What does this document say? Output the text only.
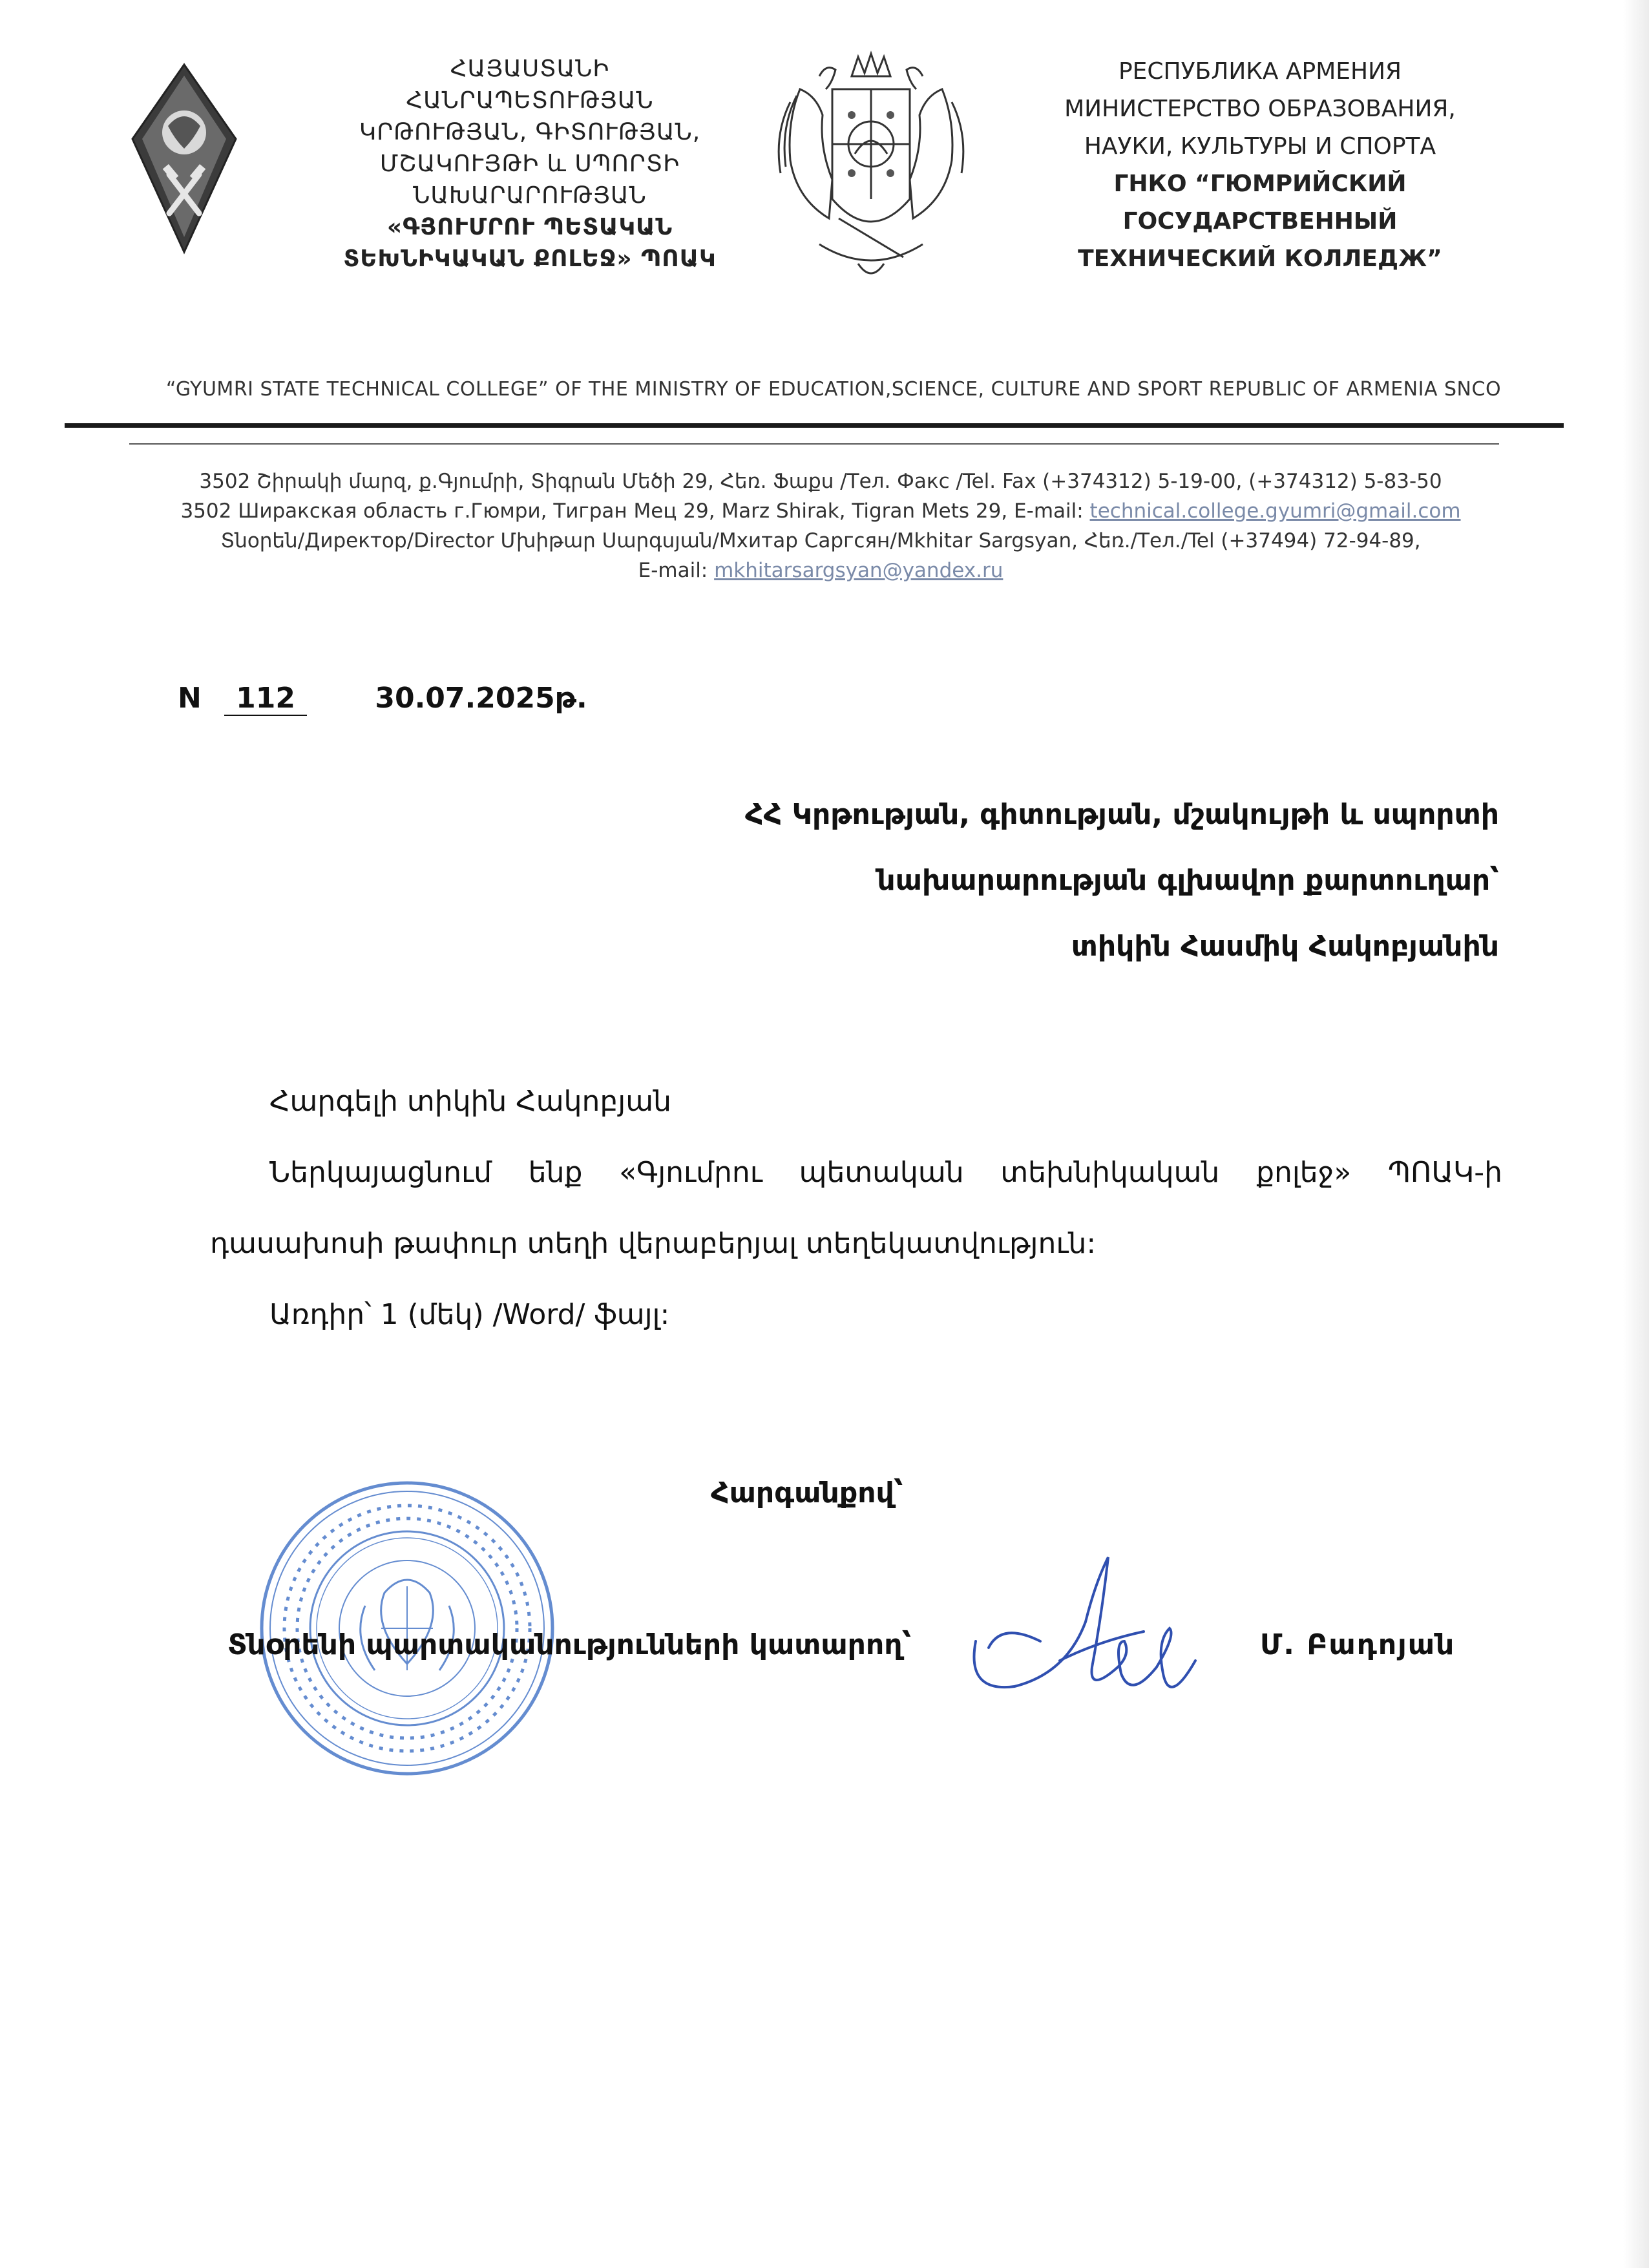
ՀԱՅԱՍՏԱՆԻ
ՀԱՆՐԱՊԵՏՈՒԹՅԱՆ
ԿՐԹՈՒԹՅԱՆ, ԳԻՏՈՒԹՅԱՆ,
ՄՇԱԿՈՒՅԹԻ և ՍՊՈՐՏԻ
ՆԱԽԱՐԱՐՈՒԹՅԱՆ
«ԳՅՈՒՄՐՈՒ ՊԵՏԱԿԱՆ
ՏԵԽՆԻԿԱԿԱՆ ՔՈԼԵՋ» ՊՈԱԿ
РЕСПУБЛИКА АРМЕНИЯ
МИНИСТЕРСТВО ОБРАЗОВАНИЯ,
НАУКИ, КУЛЬТУРЫ И СПОРТА
ГНКО “ГЮМРИЙСКИЙ
ГОСУДАРСТВЕННЫЙ
ТЕХНИЧЕСКИЙ КОЛЛЕДЖ”
“GYUMRI STATE TECHNICAL COLLEGE” OF THE MINISTRY OF EDUCATION,SCIENCE, CULTURE AND SPORT REPUBLIC OF ARMENIA SNCO
3502 Շիրակի մարզ, ք.Գյումրի, Տիգրան Մեծի 29, Հեռ. Ֆաքս /Тел. Факс /Tel. Fax (+374312) 5-19-00, (+374312) 5-83-50
3502 Ширакская область г.Гюмри, Тигран Мец 29, Marz Shirak, Tigran Mets 29, E-mail: technical.college.gyumri@gmail.com
Տնօրեն/Директор/Director Մխիթար Սարգսյան/Мхитар Саргсян/Mkhitar Sargsyan, Հեռ./Тел./Tel (+37494) 72-94-89,
E-mail: mkhitarsargsyan@yandex.ru
N 112	30.07.2025թ.
ՀՀ Կրթության, գիտության, մշակույթի և սպորտի
նախարարության գլխավոր քարտուղար՝
տիկին Հասմիկ Հակոբյանին

Հարգելի տիկին Հակոբյան

Ներկայացնում ենք «Գյումրու պետական տեխնիկական քոլեջ» ՊՈԱԿ-ի

դասախոսի թափուր տեղի վերաբերյալ տեղեկատվություն:

Առդիր՝ 1 (մեկ) /Word/ ֆայլ:

Հարգանքով՝
Տնօրենի պարտականությունների կատարող՝	Մ. Բադոյան
